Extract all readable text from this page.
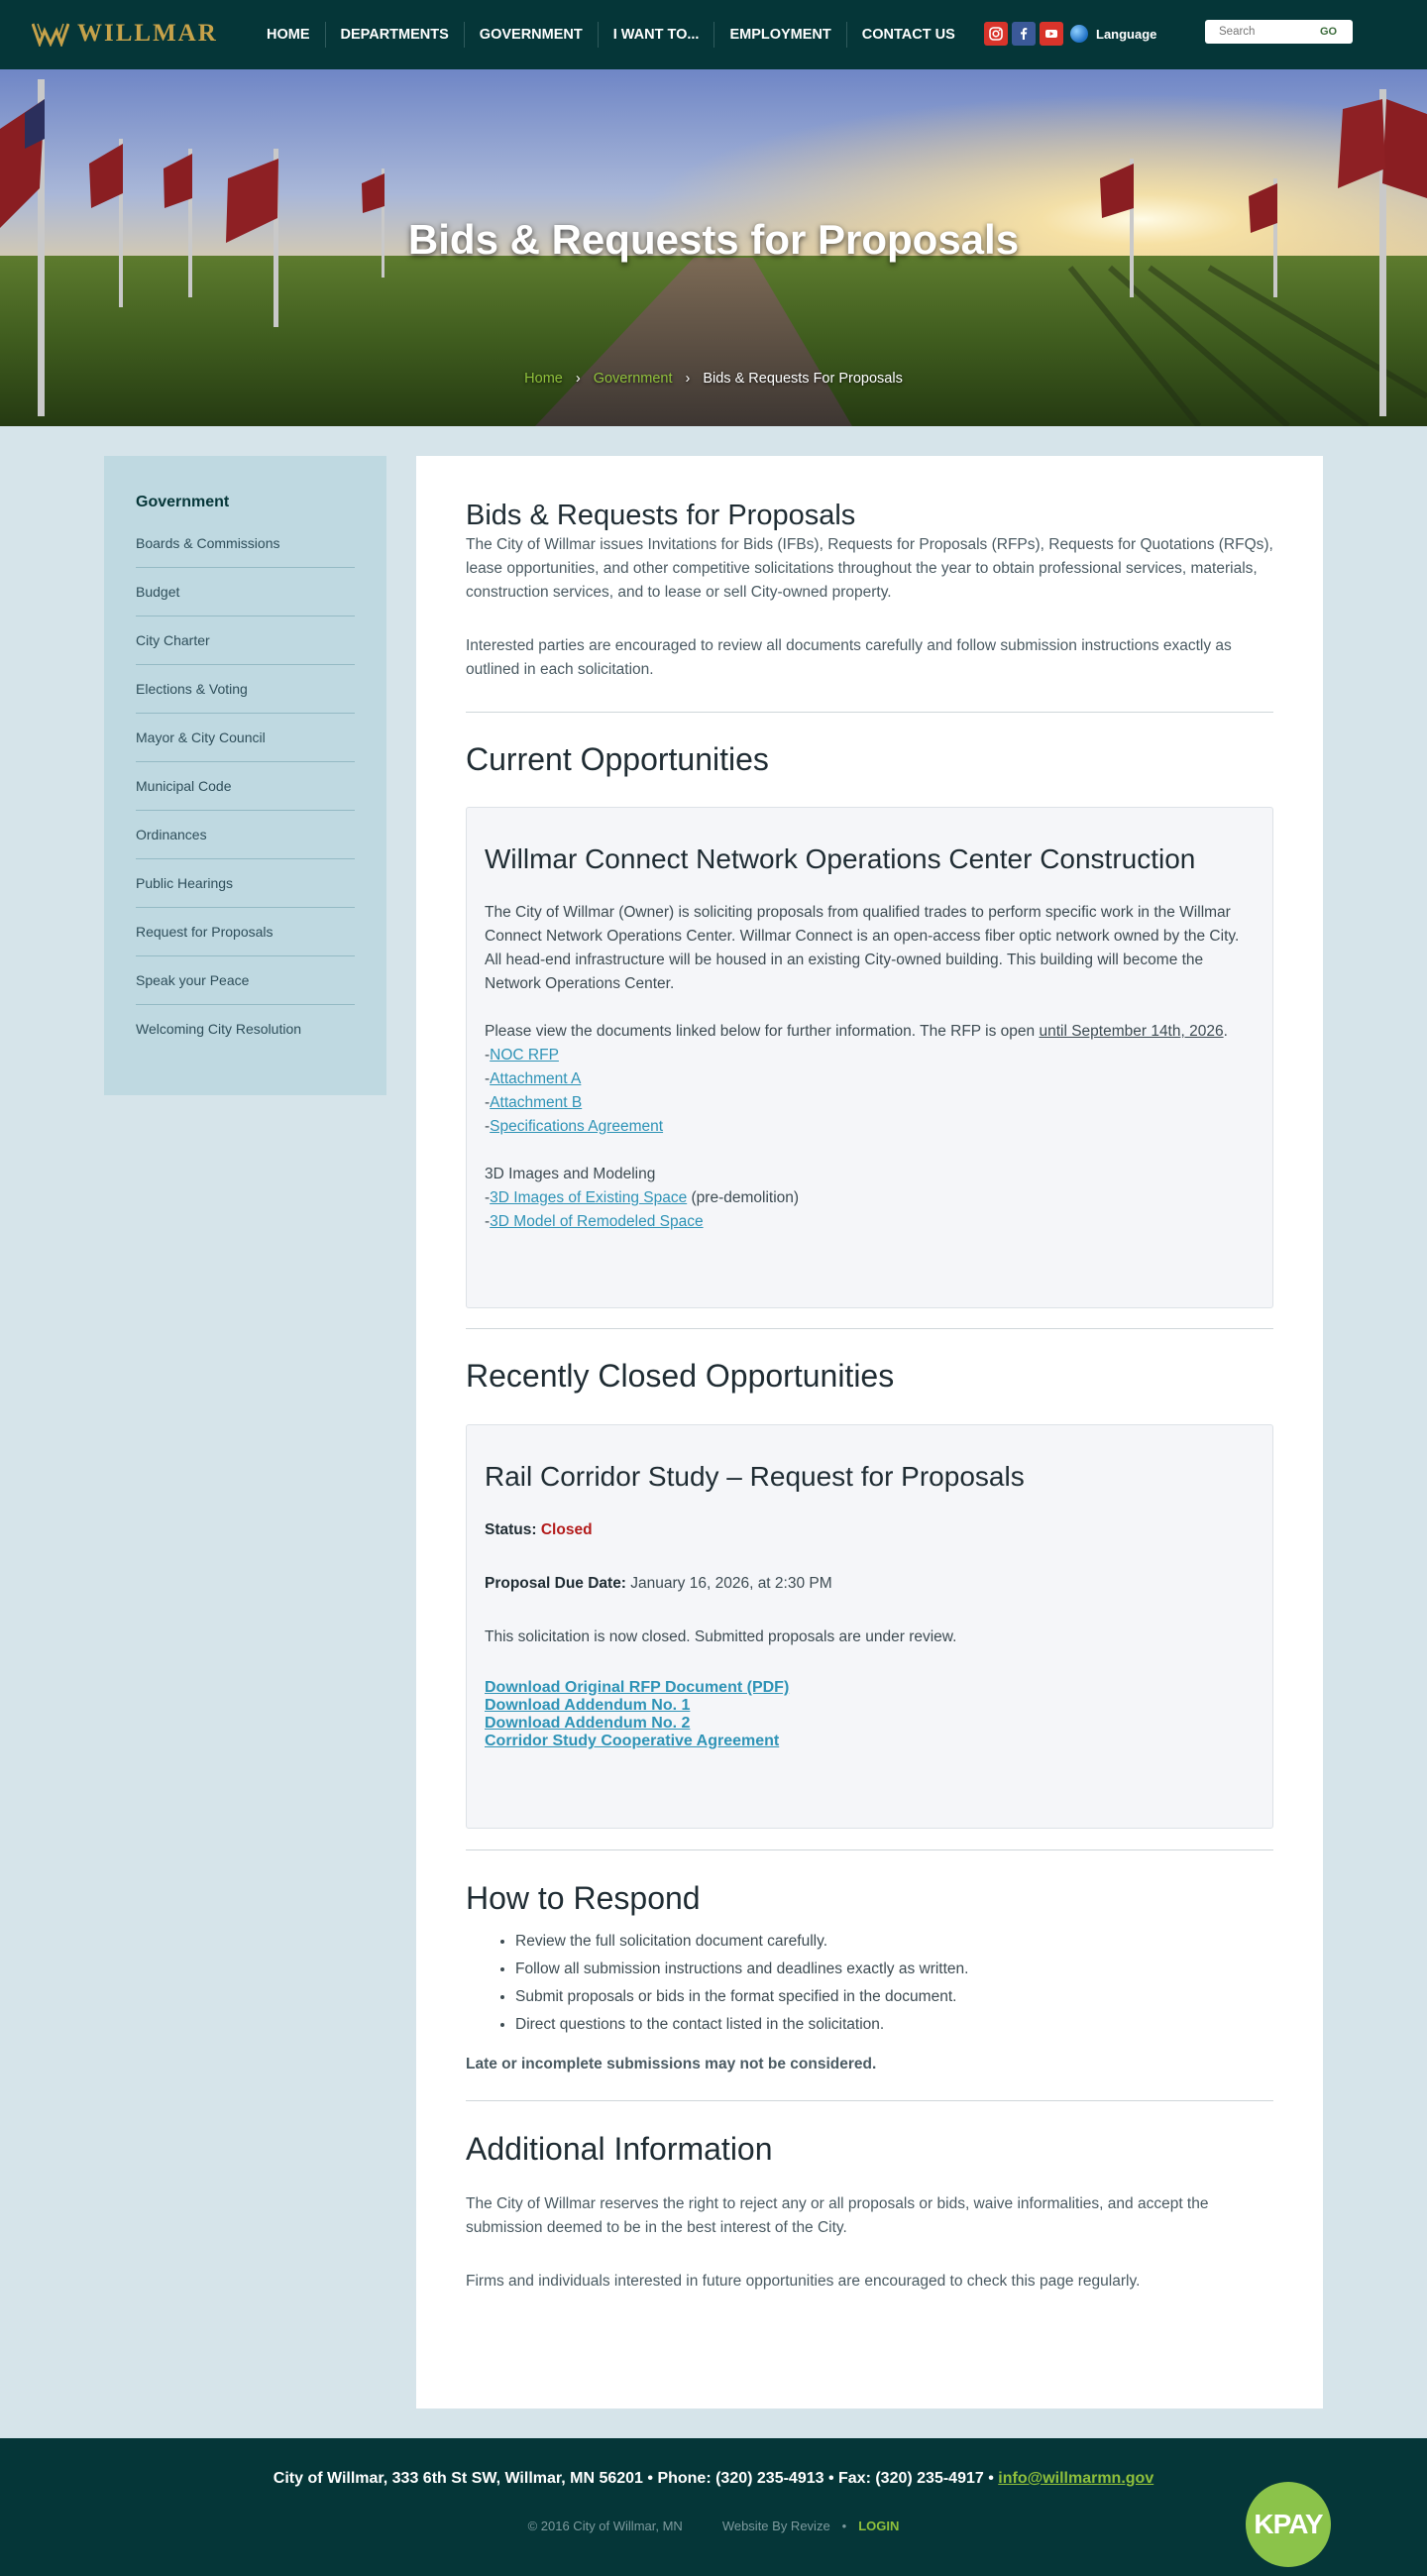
WILLMAR	HOME	DEPARTMENTS	GOVERNMENT	I WANT TO...	EMPLOYMENT	CONTACT US	Language
Search	GO
Bids & Requests for Proposals
Home › Government › Bids & Requests For Proposals
Government
Boards & Commissions
Budget
City Charter
Elections & Voting
Mayor & City Council
Municipal Code
Ordinances
Public Hearings
Request for Proposals
Speak your Peace
Welcoming City Resolution
Bids & Requests for Proposals

The City of Willmar issues Invitations for Bids (IFBs), Requests for Proposals (RFPs), Requests for Quotations (RFQs), lease opportunities, and other competitive solicitations throughout the year to obtain professional services, materials, construction services, and to lease or sell City-owned property.

Interested parties are encouraged to review all documents carefully and follow submission instructions exactly as outlined in each solicitation.

Current Opportunities
Willmar Connect Network Operations Center Construction

The City of Willmar (Owner) is soliciting proposals from qualified trades to perform specific work in the Willmar Connect Network Operations Center. Willmar Connect is an open-access fiber optic network owned by the City. All head-end infrastructure will be housed in an existing City-owned building. This building will become the Network Operations Center.

Please view the documents linked below for further information. The RFP is open until September 14th, 2026.

-NOC RFP

-Attachment A

-Attachment B

-Specifications Agreement

3D Images and Modeling

-3D Images of Existing Space (pre-demolition)

-3D Model of Remodeled Space

Recently Closed Opportunities
Rail Corridor Study – Request for Proposals

Status: Closed

Proposal Due Date: January 16, 2026, at 2:30 PM

This solicitation is now closed. Submitted proposals are under review.

Download Original RFP Document (PDF)
Download Addendum No. 1
Download Addendum No. 2
Corridor Study Cooperative Agreement
How to Respond
• Review the full solicitation document carefully.
• Follow all submission instructions and deadlines exactly as written.
• Submit proposals or bids in the format specified in the document.
• Direct questions to the contact listed in the solicitation.

Late or incomplete submissions may not be considered.

Additional Information

The City of Willmar reserves the right to reject any or all proposals or bids, waive informalities, and accept the submission deemed to be in the best interest of the City.

Firms and individuals interested in future opportunities are encouraged to check this page regularly.

City of Willmar, 333 6th St SW, Willmar, MN 56201 • Phone: (320) 235-4913 • Fax: (320) 235-4917 • info@willmarmn.gov
© 2016 City of Willmar, MN	Website By Revize • LOGIN	KPAY
